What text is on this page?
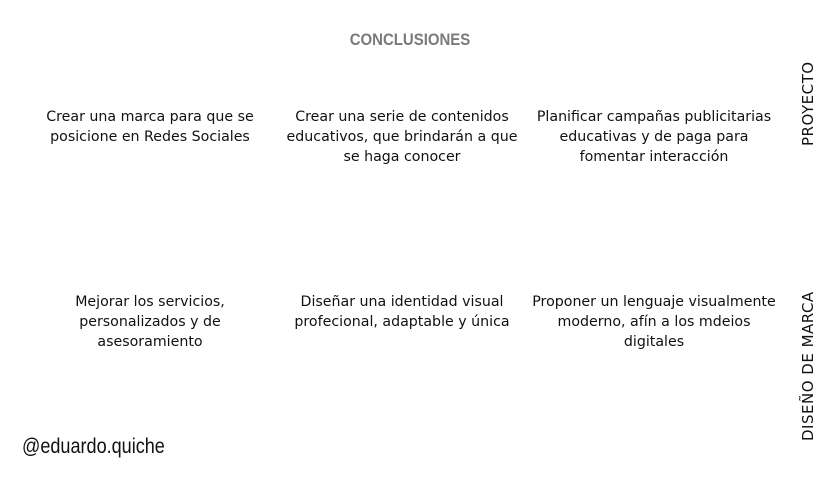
CONCLUSIONES
Crear una marca para que se posicione en Redes Sociales
Crear una serie de contenidos educativos, que brindarán a que se haga conocer
Planificar campañas publicitarias educativas y de paga para fomentar interacción
Mejorar los servicios, personalizados y de asesoramiento
Diseñar una identidad visual profecional, adaptable y única
Proponer un lenguaje visualmente moderno, afín a los mdeios digitales
PROYECTO
DISEÑO DE MARCA
@eduardo.quiche
